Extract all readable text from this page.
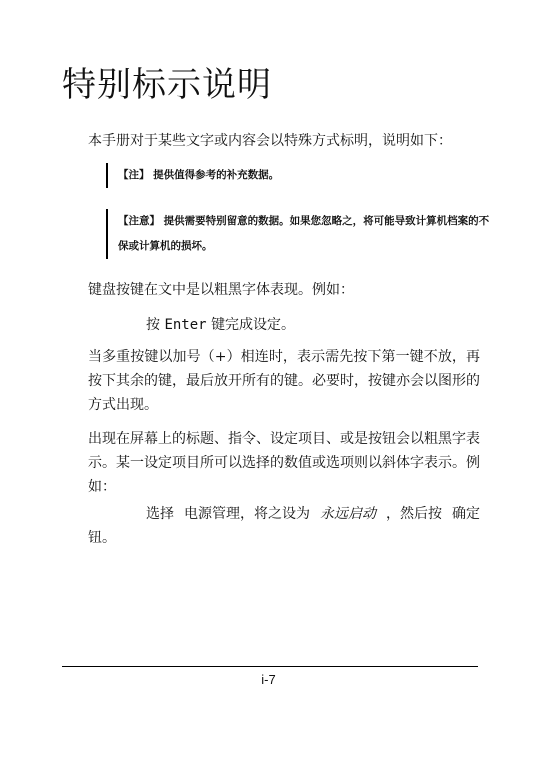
特别标示说明

本手册对于某些文字或内容会以特殊方式标明，说明如下：

【注】 提供值得参考的补充数据。
【注意】 提供需要特别留意的数据。如果您忽略之，将可能导致计算机档案的不保或计算机的损坏。

键盘按键在文中是以粗黑字体表现。例如：

按 Enter 键完成设定。

当多重按键以加号（+）相连时，表示需先按下第一键不放，再按下其余的键，最后放开所有的键。必要时，按键亦会以图形的方式出现。

出现在屏幕上的标题、指令、设定项目、或是按钮会以粗黑字表示。某一设定项目所可以选择的数值或选项则以斜体字表示。例如：

选择 电源管理，将之设为 永远启动 ，然后按 确定钮。

i-7
